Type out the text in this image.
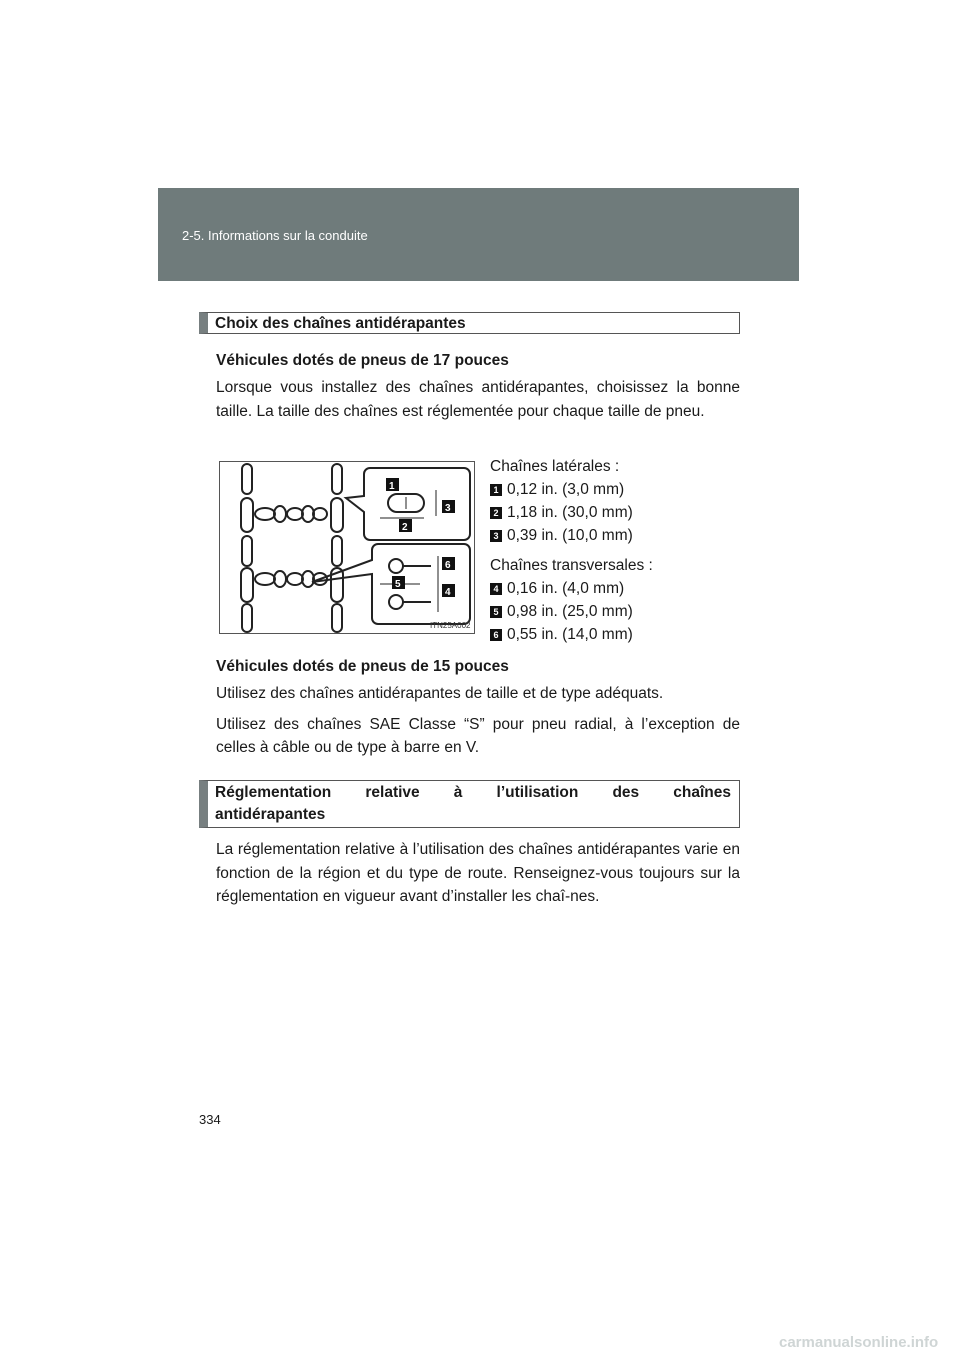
2-5. Informations sur la conduite
Choix des chaînes antidérapantes
Véhicules dotés de pneus de 17 pouces
Lorsque vous installez des chaînes antidérapantes, choisissez la bonne taille. La taille des chaînes est réglementée pour chaque taille de pneu.
1
2
3
4
5
6
ITN25A002
Chaînes latérales :
1 0,12 in. (3,0 mm)
2 1,18 in. (30,0 mm)
3 0,39 in. (10,0 mm)
Chaînes transversales :
4 0,16 in. (4,0 mm)
5 0,98 in. (25,0 mm)
6 0,55 in. (14,0 mm)
Véhicules dotés de pneus de 15 pouces
Utilisez des chaînes antidérapantes de taille et de type adéquats.
Utilisez des chaînes SAE Classe “S” pour pneu radial, à l’exception de celles à câble ou de type à barre en V.
Réglementation relative à l’utilisation des chaînes
antidérapantes
La réglementation relative à l’utilisation des chaînes antidérapantes varie en fonction de la région et du type de route. Renseignez-vous toujours sur la réglementation en vigueur avant d’installer les chaî-nes.
334
carmanualsonline.info
